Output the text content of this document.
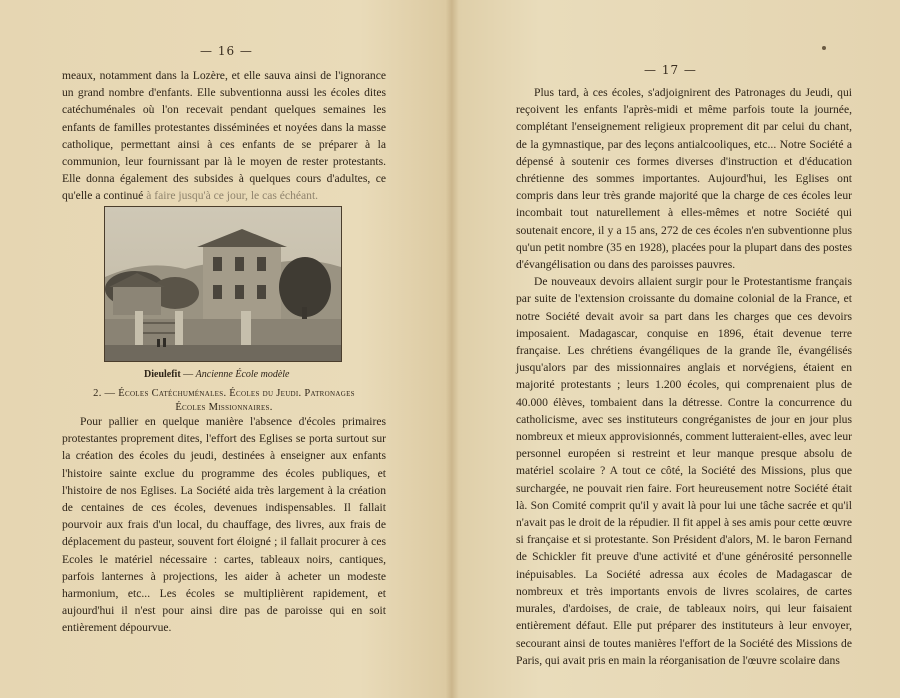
— 16 —

meaux, notamment dans la Lozère, et elle sauva ainsi de l'ignorance un grand nombre d'enfants. Elle subventionna aussi les écoles dites catéchuménales où l'on recevait pendant quelques semaines les enfants de familles protestantes disséminées et noyées dans la masse catholique, permettant ainsi à ces enfants de se préparer à la communion, leur fournissant par là le moyen de rester protestants. Elle donna également des subsides à quelques cours d'adultes, ce qu'elle a continué à faire jusqu'à ce jour, le cas échéant.

Dieulefit — Ancienne École modèle
2. — Écoles Catéchuménales. Écoles du Jeudi. Patronages
Écoles Missionnaires.

Pour pallier en quelque manière l'absence d'écoles primaires protestantes proprement dites, l'effort des Eglises se porta surtout sur la création des écoles du jeudi, destinées à enseigner aux enfants l'histoire sainte exclue du programme des écoles publiques, et l'histoire de nos Eglises. La Société aida très largement à la création de centaines de ces écoles, devenues indispensables. Il fallait pourvoir aux frais d'un local, du chauffage, des livres, aux frais de déplacement du pasteur, souvent fort éloigné ; il fallait procurer à ces Ecoles le matériel nécessaire : cartes, tableaux noirs, cantiques, parfois lanternes à projections, les aider à acheter un modeste harmonium, etc... Les écoles se multiplièrent rapidement, et aujourd'hui il n'est pour ainsi dire pas de paroisse qui en soit entièrement dépourvue.

— 17 —

Plus tard, à ces écoles, s'adjoignirent des Patronages du Jeudi, qui reçoivent les enfants l'après-midi et même parfois toute la journée, complétant l'enseignement religieux proprement dit par celui du chant, de la gymnastique, par des leçons antialcooliques, etc... Notre Société a dépensé à soutenir ces formes diverses d'instruction et d'éducation chrétienne des sommes importantes. Aujourd'hui, les Eglises ont compris dans leur très grande majorité que la charge de ces écoles leur incombait tout naturellement à elles-mêmes et notre Société qui soutenait encore, il y a 15 ans, 272 de ces écoles n'en subventionne plus qu'un petit nombre (35 en 1928), placées pour la plupart dans des postes d'évangélisation ou dans des paroisses pauvres.

De nouveaux devoirs allaient surgir pour le Protestantisme français par suite de l'extension croissante du domaine colonial de la France, et notre Société devait avoir sa part dans les charges que ces devoirs imposaient. Madagascar, conquise en 1896, était devenue terre française. Les chrétiens évangéliques de la grande île, évangélisés jusqu'alors par des missionnaires anglais et norvégiens, étaient en majorité protestants ; leurs 1.200 écoles, qui comprenaient plus de 40.000 élèves, tombaient dans la détresse. Contre la concurrence du catholicisme, avec ses instituteurs congréganistes de jour en jour plus nombreux et mieux approvisionnés, comment lutteraient-elles, avec leur personnel européen si restreint et leur manque presque absolu de matériel scolaire ? A tout ce côté, la Société des Missions, plus que surchargée, ne pouvait rien faire. Fort heureusement notre Société était là. Son Comité comprit qu'il y avait là pour lui une tâche sacrée et qu'il n'avait pas le droit de la répudier. Il fit appel à ses amis pour cette œuvre si française et si protestante. Son Président d'alors, M. le baron Fernand de Schickler fit preuve d'une activité et d'une générosité personnelle inépuisables. La Société adressa aux écoles de Madagascar de nombreux et très importants envois de livres scolaires, de cartes murales, d'ardoises, de craie, de tableaux noirs, qui leur faisaient entièrement défaut. Elle put préparer des instituteurs à leur envoyer, secourant ainsi de toutes manières l'effort de la Société des Missions de Paris, qui avait pris en main la réorganisation de l'œuvre scolaire dans
